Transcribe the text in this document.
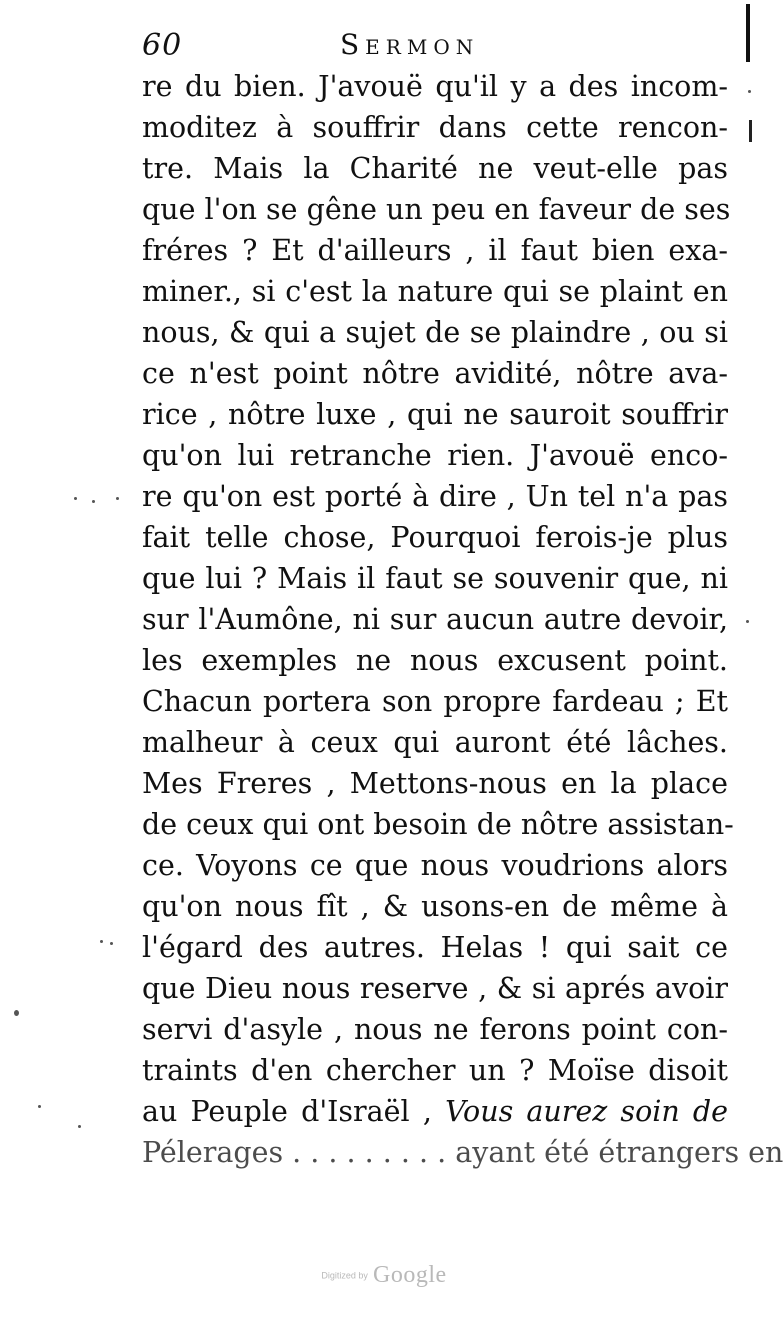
60	Sermon
re du bien. J'avouë qu'il y a des incom-
moditez à souffrir dans cette rencon-
tre. Mais la Charité ne veut-elle pas
que l'on se gêne un peu en faveur de ses
fréres ? Et d'ailleurs , il faut bien exa-
miner., si c'est la nature qui se plaint en
nous, & qui a sujet de se plaindre , ou si
ce n'est point nôtre avidité, nôtre ava-
rice , nôtre luxe , qui ne sauroit souffrir
qu'on lui retranche rien. J'avouë enco-
re qu'on est porté à dire , Un tel n'a pas
fait telle chose, Pourquoi ferois-je plus
que lui ? Mais il faut se souvenir que, ni
sur l'Aumône, ni sur aucun autre devoir,
les exemples ne nous excusent point.
Chacun portera son propre fardeau ; Et
malheur à ceux qui auront été lâches.
Mes Freres , Mettons-nous en la place
de ceux qui ont besoin de nôtre assistan-
ce. Voyons ce que nous voudrions alors
qu'on nous fît , & usons-en de même à
l'égard des autres. Helas ! qui sait ce
que Dieu nous reserve , & si aprés avoir
servi d'asyle , nous ne ferons point con-
traints d'en chercher un ? Moïse disoit
au Peuple d'Israël , Vous aurez soin de
Pélerages . . . . . . . . . ayant été étrangers en
Digitized by Google
